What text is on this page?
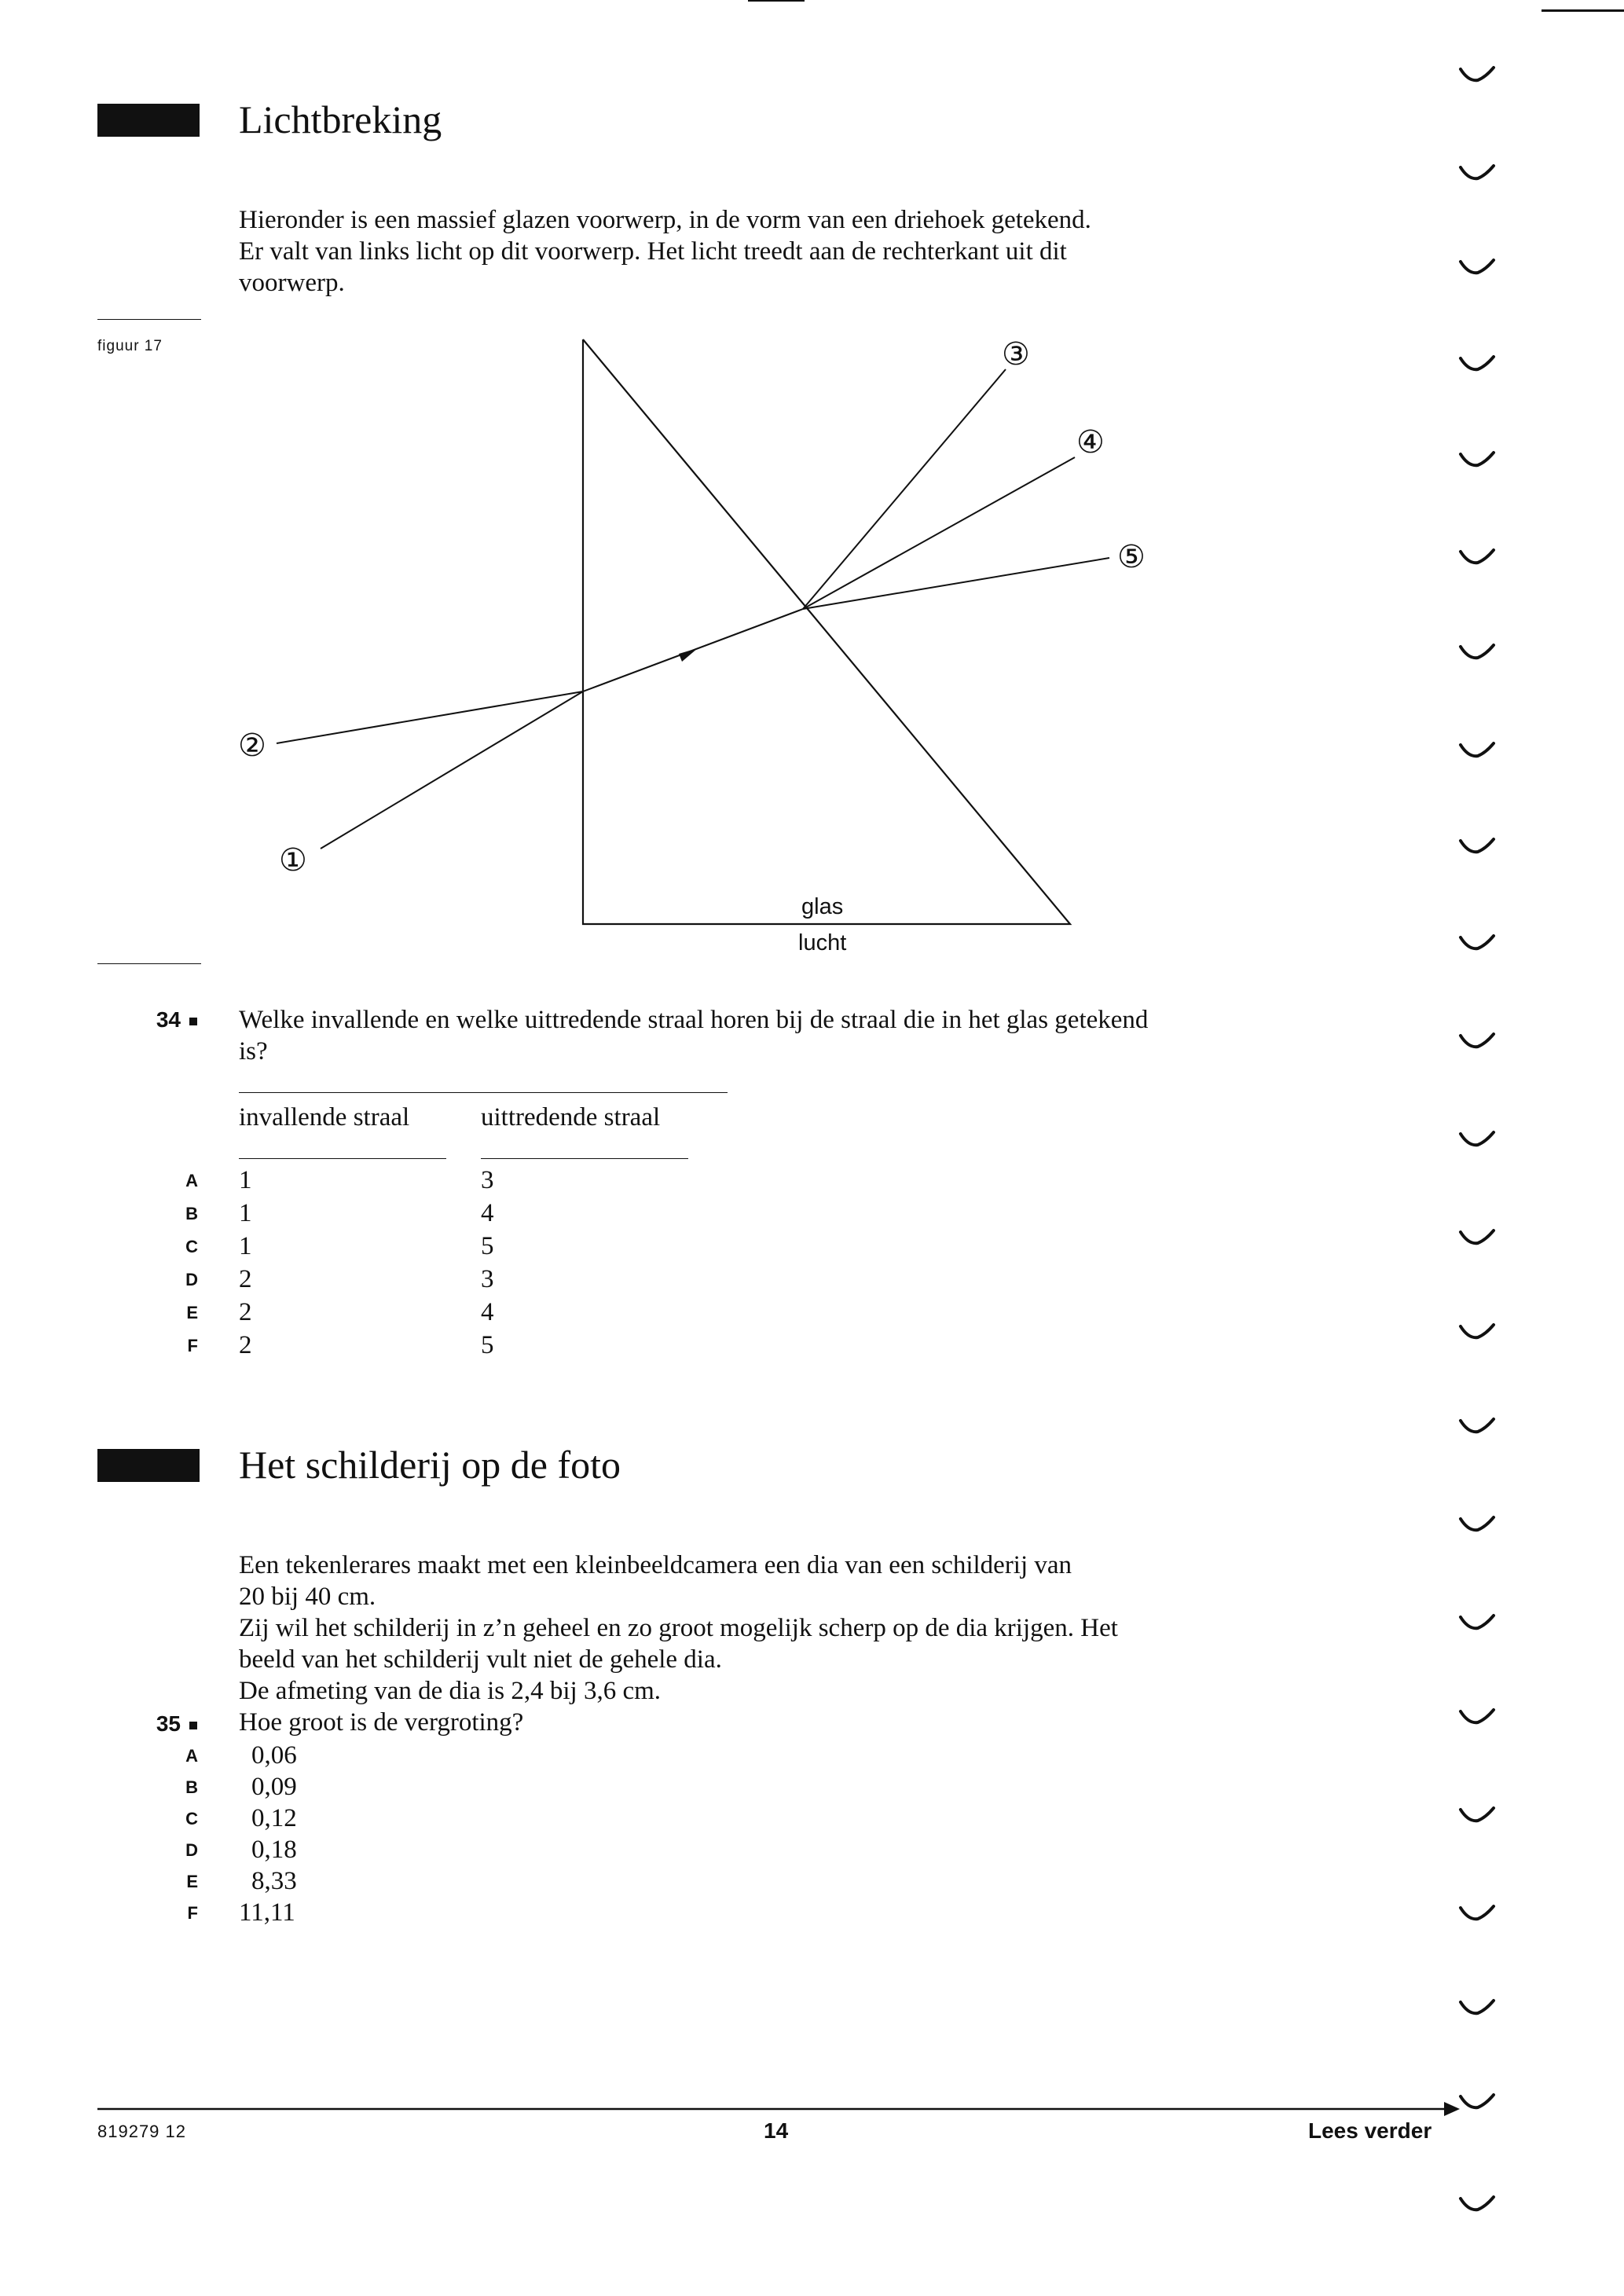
Lichtbreking
Hieronder is een massief glazen voorwerp, in de vorm van een driehoek getekend.
Er valt van links licht op dit voorwerp. Het licht treedt aan de rechterkant uit dit
voorwerp.
figuur 17
①
②
③
④
⑤
glas
lucht
34 Welke invallende en welke uittredende straal horen bij de straal die in het glas getekend
is?
invallende straal	uittredende straal
A 1	3
B 1	4
C 1	5
D 2	3
E 2	4
F 2	5
Het schilderij op de foto
Een tekenlerares maakt met een kleinbeeldcamera een dia van een schilderij van
20 bij 40 cm.
Zij wil het schilderij in z’n geheel en zo groot mogelijk scherp op de dia krijgen. Het
beeld van het schilderij vult niet de gehele dia.
De afmeting van de dia is 2,4 bij 3,6 cm.
35 Hoe groot is de vergroting?
A 0,06
B 0,09
C 0,12
D 0,18
E 8,33
F 11,11
819279 12	14	Lees verder
